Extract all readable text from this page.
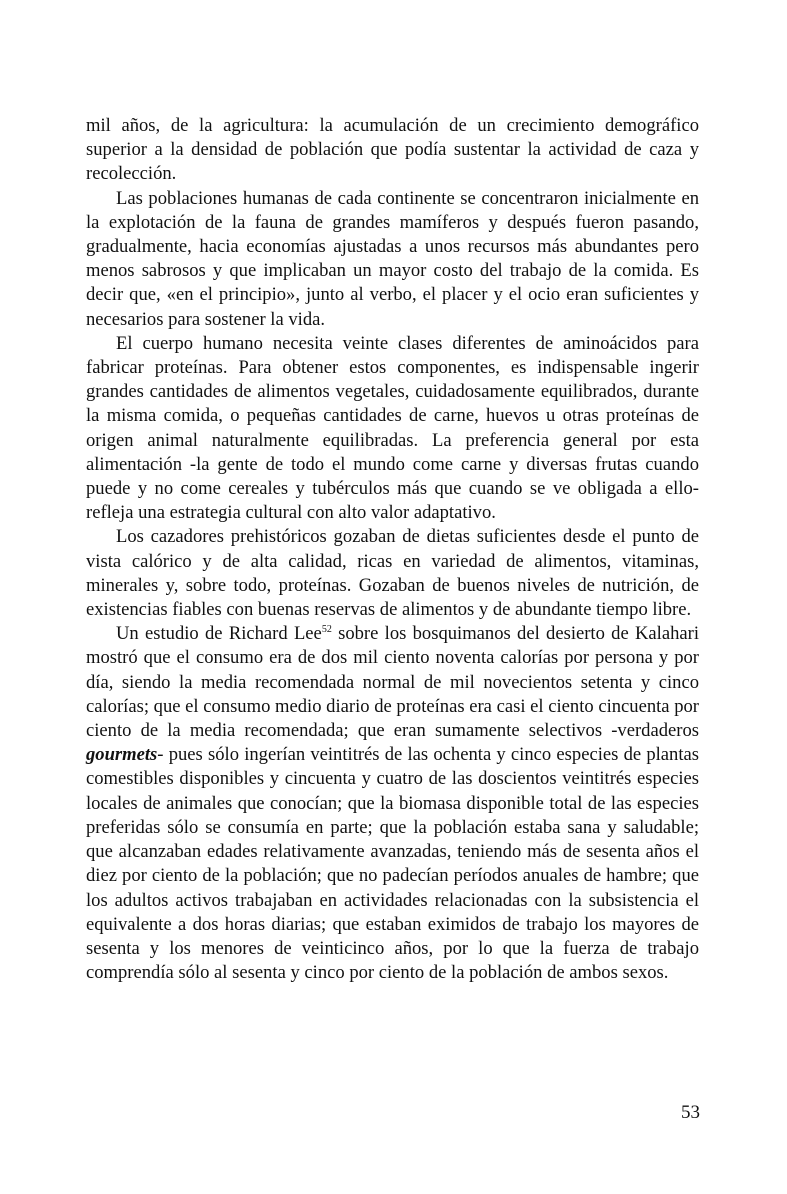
mil años, de la agricultura: la acumulación de un crecimiento demográfico superior a la densidad de población que podía sustentar la actividad de caza y recolección.

Las poblaciones humanas de cada continente se concentraron inicialmente en la explotación de la fauna de grandes mamíferos y después fueron pasando, gradualmente, hacia economías ajustadas a unos recursos más abundantes pero menos sabrosos y que implicaban un mayor costo del trabajo de la comida. Es decir que, «en el principio», junto al verbo, el placer y el ocio eran suficientes y necesarios para sostener la vida.

El cuerpo humano necesita veinte clases diferentes de aminoácidos para fabricar proteínas. Para obtener estos componentes, es indispensable ingerir grandes cantidades de alimentos vegetales, cuidadosamente equilibrados, durante la misma comida, o pequeñas cantidades de carne, huevos u otras proteínas de origen animal naturalmente equilibradas. La preferencia general por esta alimentación -la gente de todo el mundo come carne y diversas frutas cuando puede y no come cereales y tubérculos más que cuando se ve obligada a ello- refleja una estrategia cultural con alto valor adaptativo.

Los cazadores prehistóricos gozaban de dietas suficientes desde el punto de vista calórico y de alta calidad, ricas en variedad de alimentos, vitaminas, minerales y, sobre todo, proteínas. Gozaban de buenos niveles de nutrición, de existencias fiables con buenas reservas de alimentos y de abundante tiempo libre.

Un estudio de Richard Lee$^{52}$ sobre los bosquimanos del desierto de Kalahari mostró que el consumo era de dos mil ciento noventa calorías por persona y por día, siendo la media recomendada normal de mil novecientos setenta y cinco calorías; que el consumo medio diario de proteínas era casi el ciento cincuenta por ciento de la media recomendada; que eran sumamente selectivos -verdaderos gourmets- pues sólo ingerían veintitrés de las ochenta y cinco especies de plantas comestibles disponibles y cincuenta y cuatro de las doscientos veintitrés especies locales de animales que conocían; que la biomasa disponible total de las especies preferidas sólo se consumía en parte; que la población estaba sana y saludable; que alcanzaban edades relativamente avanzadas, teniendo más de sesenta años el diez por ciento de la población; que no padecían períodos anuales de hambre; que los adultos activos trabajaban en actividades relacionadas con la subsistencia el equivalente a dos horas diarias; que estaban eximidos de trabajo los mayores de sesenta y los menores de veinticinco años, por lo que la fuerza de trabajo comprendía sólo al sesenta y cinco por ciento de la población de ambos sexos.

53
